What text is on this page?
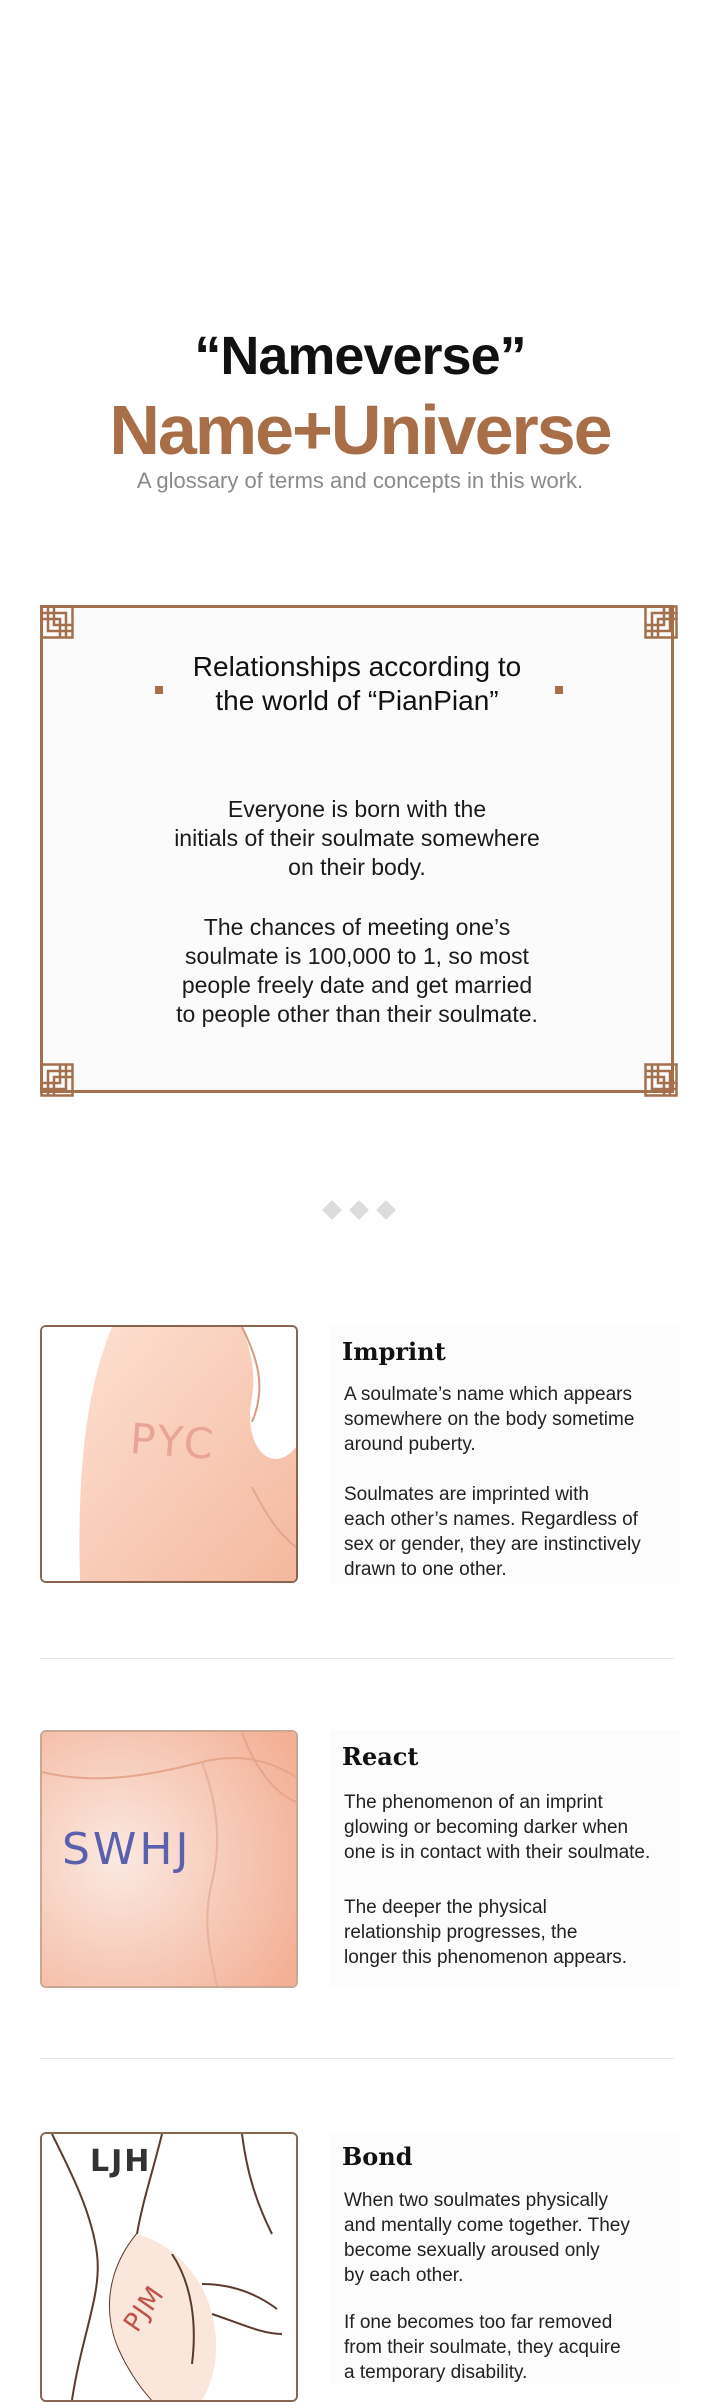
“Nameverse”
Name+Universe
A glossary of terms and concepts in this work.
Relationships according to
the world of “PianPian”
Everyone is born with the
initials of their soulmate somewhere
on their body.
The chances of meeting one’s
soulmate is 100,000 to 1, so most
people freely date and get married
to people other than their soulmate.
PYC
Imprint
A soulmate’s name which appears
somewhere on the body sometime
around puberty.
Soulmates are imprinted with
each other’s names. Regardless of
sex or gender, they are instinctively
drawn to one other.
SWHJ
React
The phenomenon of an imprint
glowing or becoming darker when
one is in contact with their soulmate.
The deeper the physical
relationship progresses, the
longer this phenomenon appears.
LJH
PJM
Bond
When two soulmates physically
and mentally come together. They
become sexually aroused only
by each other.
If one becomes too far removed
from their soulmate, they acquire
a temporary disability.
